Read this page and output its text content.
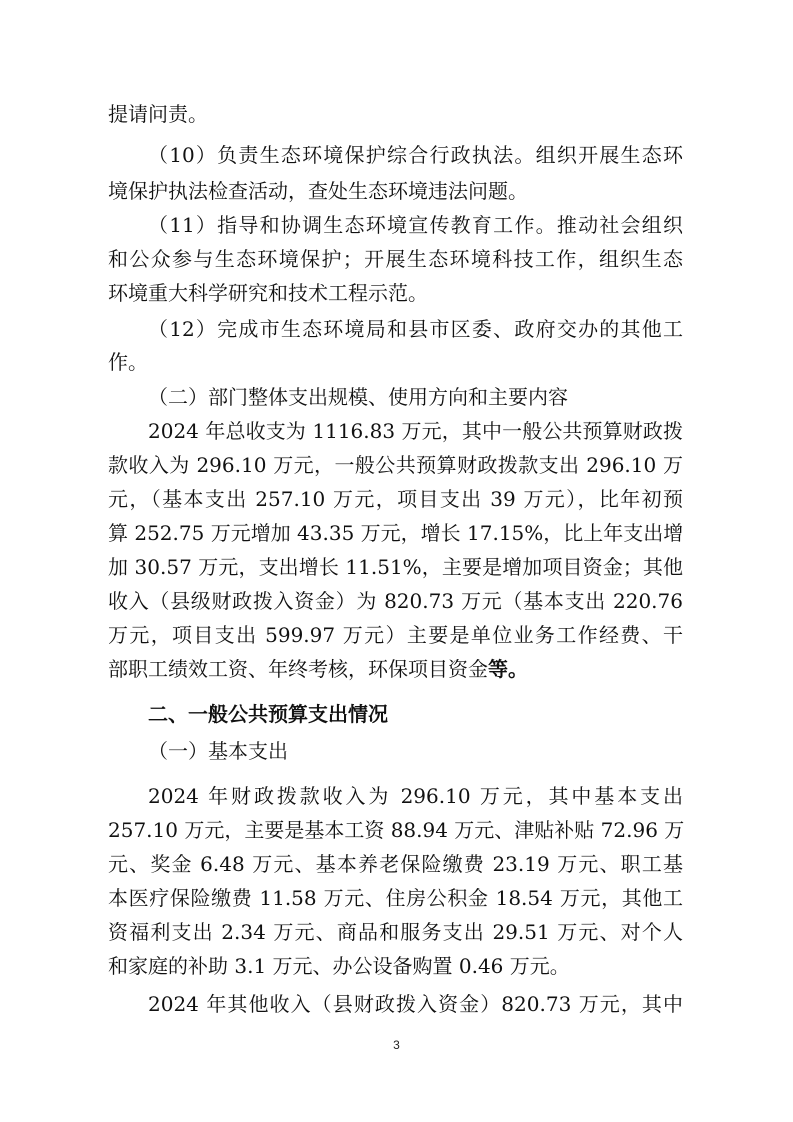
提请问责。

（10）负责生态环境保护综合行政执法。组织开展生态环

境保护执法检查活动，查处生态环境违法问题。

（11）指导和协调生态环境宣传教育工作。推动社会组织

和公众参与生态环境保护；开展生态环境科技工作，组织生态

环境重大科学研究和技术工程示范。

（12）完成市生态环境局和县市区委、政府交办的其他工

作。

（二）部门整体支出规模、使用方向和主要内容

2024 年总收支为 1116.83 万元，其中一般公共预算财政拨

款收入为 296.10 万元，一般公共预算财政拨款支出 296.10 万

元，（基本支出 257.10 万元，项目支出 39 万元），比年初预

算 252.75 万元增加 43.35 万元，增长 17.15%，比上年支出增

加 30.57 万元，支出增长 11.51%，主要是增加项目资金；其他

收入（县级财政拨入资金）为 820.73 万元（基本支出 220.76

万元，项目支出 599.97 万元）主要是单位业务工作经费、干

部职工绩效工资、年终考核，环保项目资金等。

二、一般公共预算支出情况

（一）基本支出

2024 年财政拨款收入为 296.10 万元，其中基本支出

257.10 万元，主要是基本工资 88.94 万元、津贴补贴 72.96 万

元、奖金 6.48 万元、基本养老保险缴费 23.19 万元、职工基

本医疗保险缴费 11.58 万元、住房公积金 18.54 万元，其他工

资福利支出 2.34 万元、商品和服务支出 29.51 万元、对个人

和家庭的补助 3.1 万元、办公设备购置 0.46 万元。

2024 年其他收入（县财政拨入资金）820.73 万元，其中

3
